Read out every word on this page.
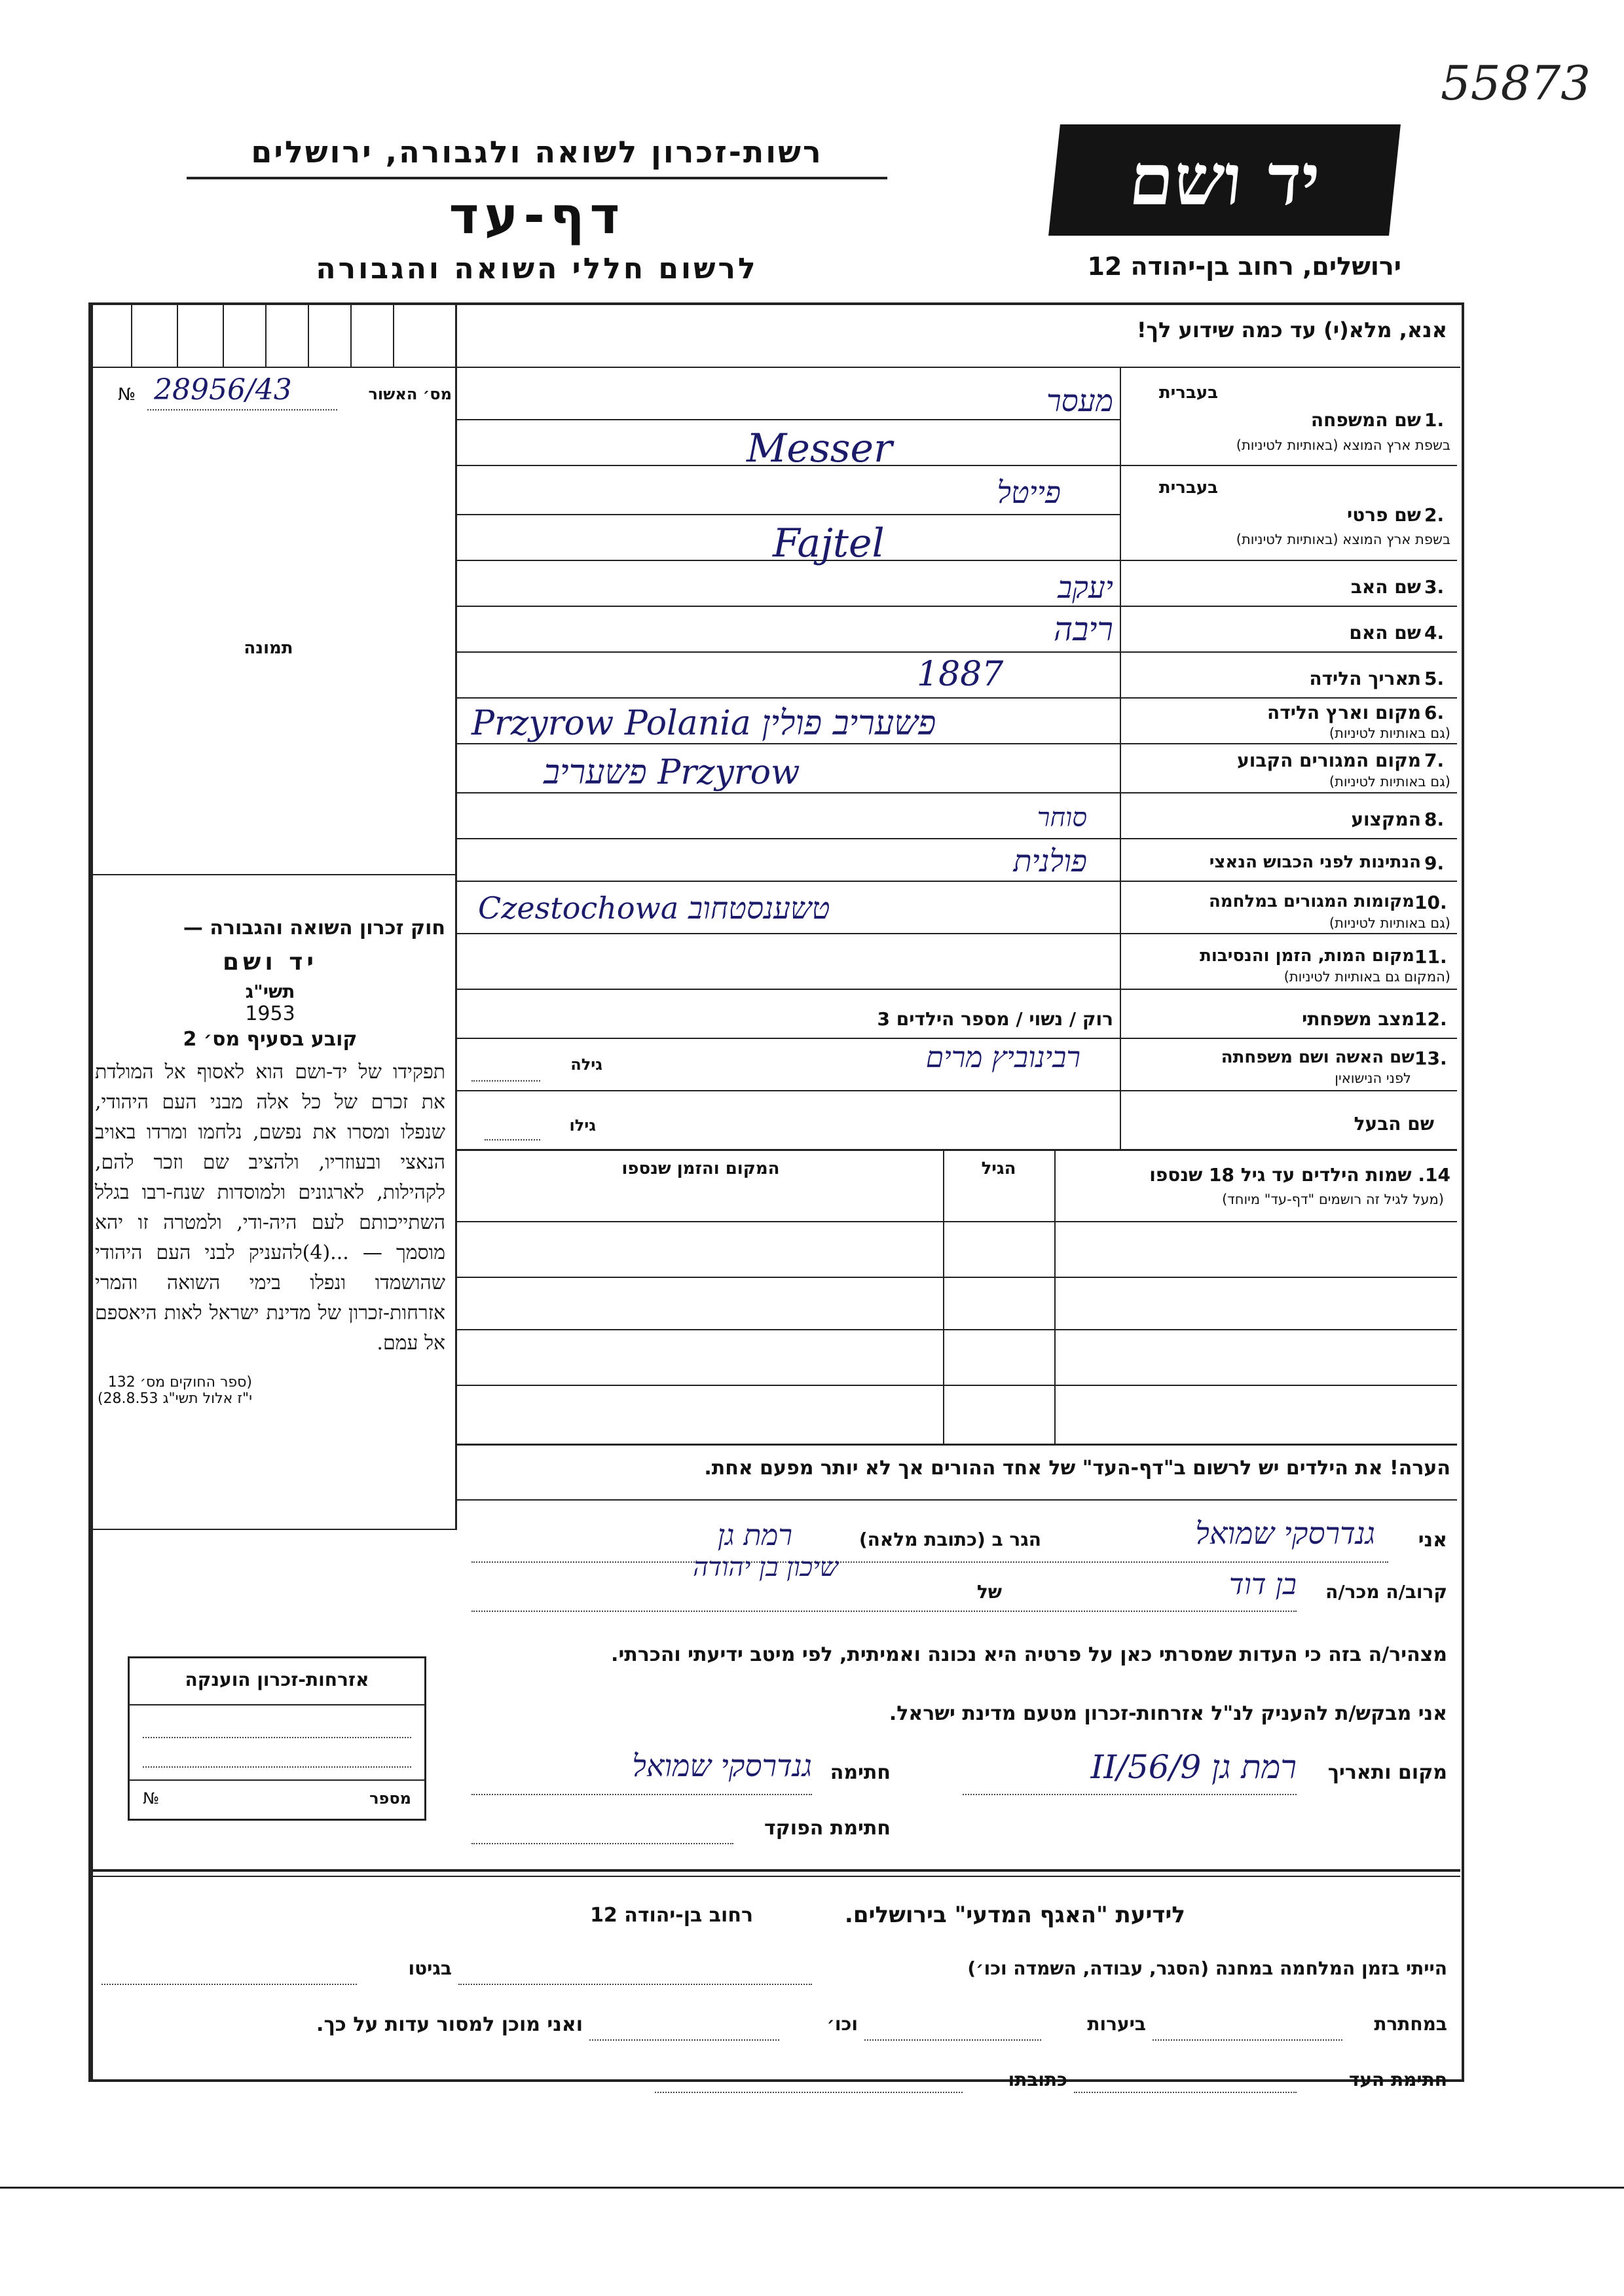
55873
רשות-זכרון לשואה ולגבורה, ירושלים
דף-עד
לרשום חללי השואה והגבורה
יד ושם
ירושלים, רחוב בן-יהודה 12
אנא, מלא(י) עד כמה שידוע לך!
מס׳ האשור
№ 28956/43
תמונה
חוק זכרון השואה והגבורה —
יד ושם
תשי"ג
1953
קובע בסעיף מס׳ 2
תפקידו של יד-ושם הוא לאסוף אל המולדת את זכרם של כל אלה מבני העם היהודי, שנפלו ומסרו את נפשם, נלחמו ומרדו באויב הנאצי ובעוזריו, ולהציב שם וזכר להם, לקהילות, לארגונים ולמוסדות שנח-רבו בגלל השתייכותם לעם היה-ודי, ולמטרה זו יהא מוסמך — ...(4)להעניק לבני העם היהודי שהושמדו ונפלו בימי השואה והמרי אזרחות-זכרון של מדינת ישראל לאות היאספם אל עמם.
(ספר החוקים מס׳ 132 י"ז אלול תשי"ג 28.8.53)
בעברית
1.
שם המשפחה
בשפת ארץ המוצא (באותיות לטיניות)
מעסר
Messer
בעברית
2.
שם פרטי
בשפת ארץ המוצא (באותיות לטיניות)
פייטל
Fajtel
3.
שם האב
יעקב
4.
שם האם
ריבה
5.
תאריך הלידה
1887
6.
מקום וארץ הלידה
(גם באותיות לטיניות)
Przyrow Polania פשעריב פולין
7.
מקום המגורים הקבוע
(גם באותיות לטיניות)
פשעריב Przyrow
8.
המקצוע
סוחר
9.
הנתינות לפני הכבוש הנאצי
פולנית
10.
מקומות המגורים במלחמה
(גם באותיות לטיניות)
Czestochowa טשענסטחוב
11.
מקום המות, הזמן והנסיבות
(המקום גם באותיות לטיניות)
12.
מצב משפחתי
רוק / נשוי / מספר הילדים 3
13.
שם האשה ושם משפחתה
לפני הנישואין
רבינוביץ מרים
גילה
שם הבעל
גילו
14. שמות הילדים עד גיל 18 שנספו
(מעל לגיל זה רושמים "דף-עד" מיוחד)
הגיל
המקום והזמן שנספו
הערה! את הילדים יש לרשום ב"דף-העד" של אחד ההורים אך לא יותר מפעם אחת.
אני
גנדרסקי שמואל
הגר ב (כתובת מלאה)
רמת גן
קרוב/ה מכר/ה
בן דוד
של
שיכון בן יהודה
מצהיר/ה בזה כי העדות שמסרתי כאן על פרטיה היא נכונה ואמיתית, לפי מיטב ידיעתי והכרתי.
אני מבקש/ת להעניק לנ"ל אזרחות-זכרון מטעם מדינת ישראל.
מקום ותאריך
רמת גן 9/II/56
חתימה
גנדרסקי שמואל
חתימת הפוקד
אזרחות-זכרון הוענקה
מספר
№
לידיעת "האגף המדעי" בירושלים.
רחוב בן-יהודה 12
הייתי בזמן המלחמה במחנה (הסגר, עבודה, השמדה וכו׳)
בגיטו
במחתרת
ביערות
וכו׳
ואני מוכן למסור עדות על כך.
חתימת העד
כתובתו
